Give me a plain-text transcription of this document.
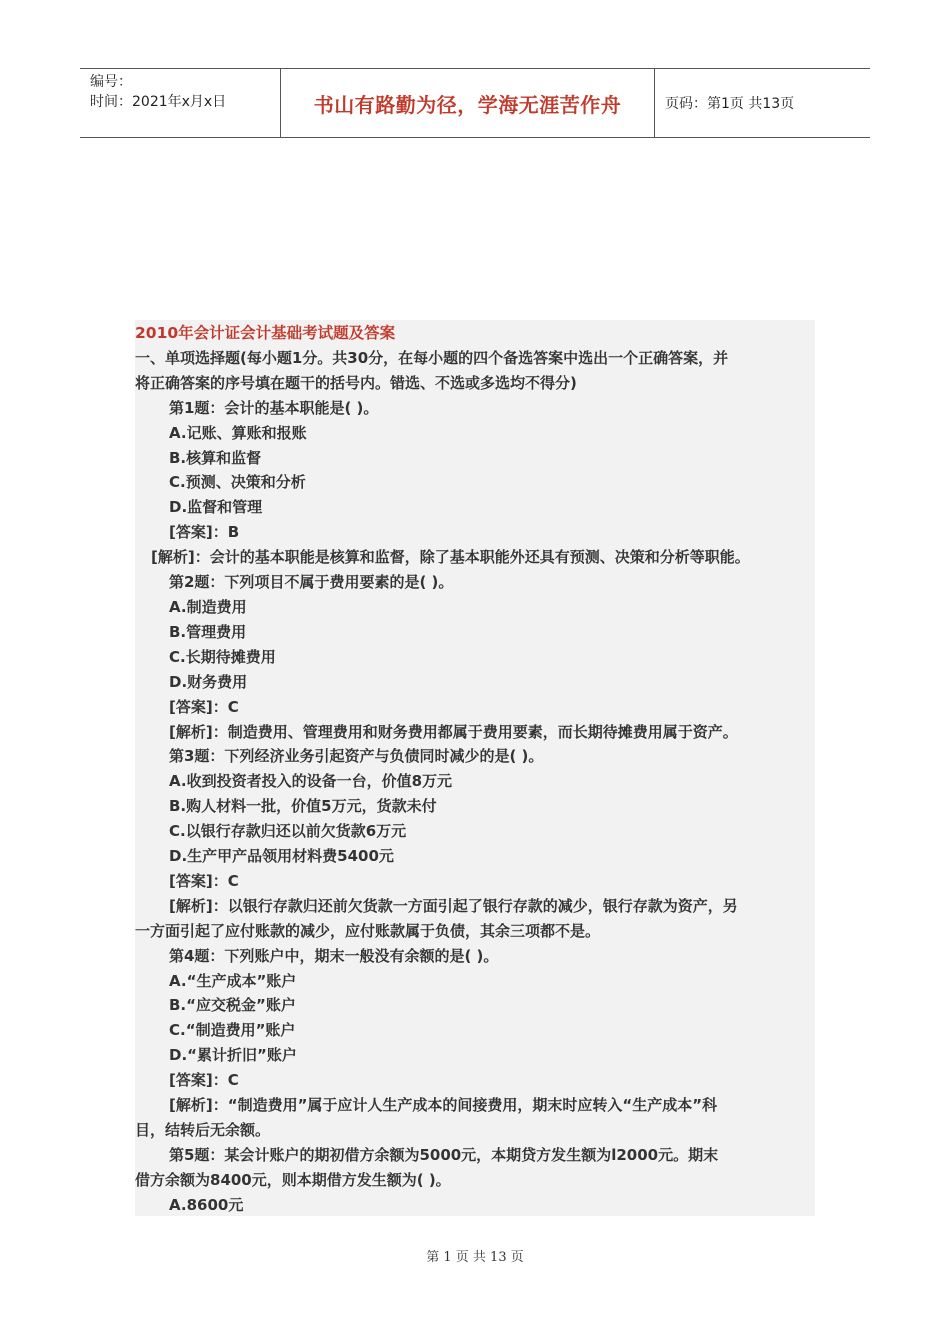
编号：
时间：2021年x月x日	书山有路勤为径，学海无涯苦作舟	页码：第1页 共13页
2010年会计证会计基础考试题及答案
一、单项选择题(每小题1分。共30分，在每小题的四个备选答案中选出一个正确答案，并
将正确答案的序号填在题干的括号内。错选、不选或多选均不得分)
第1题：会计的基本职能是( )。
A.记账、算账和报账
B.核算和监督
C.预测、决策和分析
D.监督和管理
[答案]：B
[解析]：会计的基本职能是核算和监督，除了基本职能外还具有预测、决策和分析等职能。
第2题：下列项目不属于费用要素的是( )。
A.制造费用
B.管理费用
C.长期待摊费用
D.财务费用
[答案]：C
[解析]：制造费用、管理费用和财务费用都属于费用要素，而长期待摊费用属于资产。
第3题：下列经济业务引起资产与负债同时减少的是( )。
A.收到投资者投入的设备一台，价值8万元
B.购人材料一批，价值5万元，货款未付
C.以银行存款归还以前欠货款6万元
D.生产甲产品领用材料费5400元
[答案]：C
[解析]：以银行存款归还前欠货款一方面引起了银行存款的减少，银行存款为资产，另
一方面引起了应付账款的减少，应付账款属于负债，其余三项都不是。
第4题：下列账户中，期末一般没有余额的是( )。
A.“生产成本”账户
B.“应交税金”账户
C.“制造费用”账户
D.“累计折旧”账户
[答案]：C
[解析]：“制造费用”属于应计人生产成本的间接费用，期末时应转入“生产成本”科
目，结转后无余额。
第5题：某会计账户的期初借方余额为5000元，本期贷方发生额为l2000元。期末
借方余额为8400元，则本期借方发生额为( )。
A.8600元
第 1 页 共 13 页
